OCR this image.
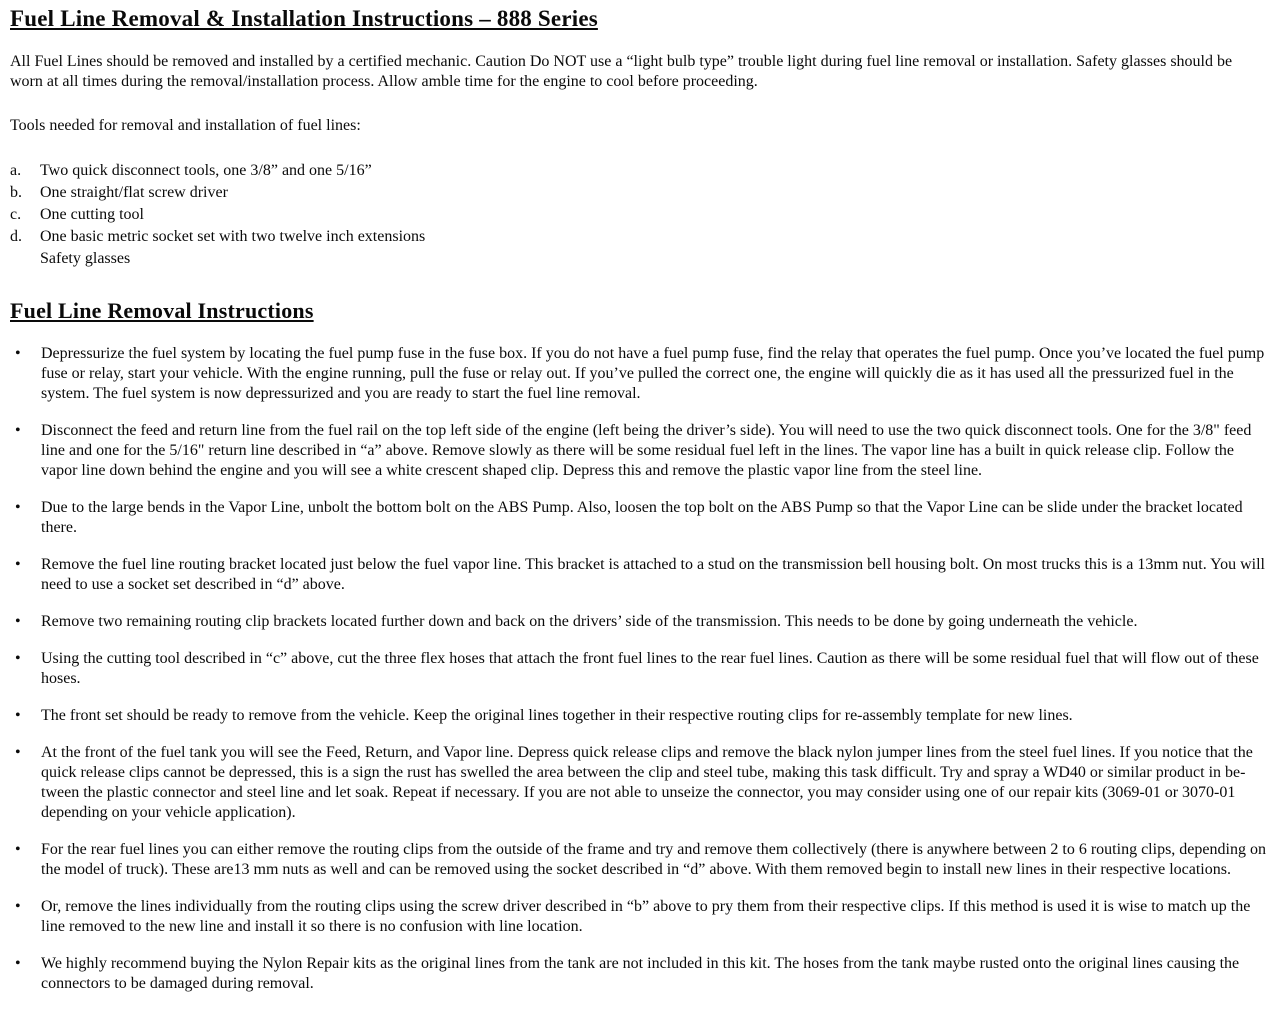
Fuel Line Removal & Installation Instructions – 888 Series

All Fuel Lines should be removed and installed by a certified mechanic. Caution Do NOT use a “light bulb type” trouble light during fuel line removal or installation. Safety glasses should be worn at all times during the removal/installation process. Allow amble time for the engine to cool before proceeding.

Tools needed for removal and installation of fuel lines:

a.	Two quick disconnect tools, one 3/8” and one 5/16”
b.	One straight/flat screw driver
c.	One cutting tool
d.	One basic metric socket set with two twelve inch extensions
Safety glasses
Fuel Line Removal Instructions
•	Depressurize the fuel system by locating the fuel pump fuse in the fuse box. If you do not have a fuel pump fuse, find the relay that operates the fuel pump. Once you’ve located the fuel pump fuse or relay, start your vehicle. With the engine running, pull the fuse or relay out. If you’ve pulled the correct one, the engine will quickly die as it has used all the pressurized fuel in the system. The fuel system is now depressurized and you are ready to start the fuel line removal.
•	Disconnect the feed and return line from the fuel rail on the top left side of the engine (left being the driver’s side). You will need to use the two quick disconnect tools. One for the 3/8" feed line and one for the 5/16" return line described in “a” above. Remove slowly as there will be some residual fuel left in the lines. The vapor line has a built in quick release clip. Follow the vapor line down behind the engine and you will see a white crescent shaped clip. Depress this and remove the plastic vapor line from the steel line.
•	Due to the large bends in the Vapor Line, unbolt the bottom bolt on the ABS Pump. Also, loosen the top bolt on the ABS Pump so that the Vapor Line can be slide under the bracket located there.
•	Remove the fuel line routing bracket located just below the fuel vapor line. This bracket is attached to a stud on the transmission bell housing bolt. On most trucks this is a 13mm nut. You will need to use a socket set described in “d” above.
•	Remove two remaining routing clip brackets located further down and back on the drivers’ side of the transmission. This needs to be done by going underneath the vehicle.
•	Using the cutting tool described in “c” above, cut the three flex hoses that attach the front fuel lines to the rear fuel lines. Caution as there will be some residual fuel that will flow out of these hoses.
•	The front set should be ready to remove from the vehicle. Keep the original lines together in their respective routing clips for re-assembly template for new lines.
•	At the front of the fuel tank you will see the Feed, Return, and Vapor line. Depress quick release clips and remove the black nylon jumper lines from the steel fuel lines. If you notice that the quick release clips cannot be depressed, this is a sign the rust has swelled the area between the clip and steel tube, making this task difficult. Try and spray a WD40 or similar product in be-tween the plastic connector and steel line and let soak. Repeat if necessary. If you are not able to unseize the connector, you may consider using one of our repair kits (3069-01 or 3070-01 depending on your vehicle application).
•	For the rear fuel lines you can either remove the routing clips from the outside of the frame and try and remove them collectively (there is anywhere between 2 to 6 routing clips, depending on the model of truck). These are13 mm nuts as well and can be removed using the socket described in “d” above. With them removed begin to install new lines in their respective locations.
•	Or, remove the lines individually from the routing clips using the screw driver described in “b” above to pry them from their respective clips. If this method is used it is wise to match up the line removed to the new line and install it so there is no confusion with line location.
•	We highly recommend buying the Nylon Repair kits as the original lines from the tank are not included in this kit. The hoses from the tank maybe rusted onto the original lines causing the connectors to be damaged during removal.
